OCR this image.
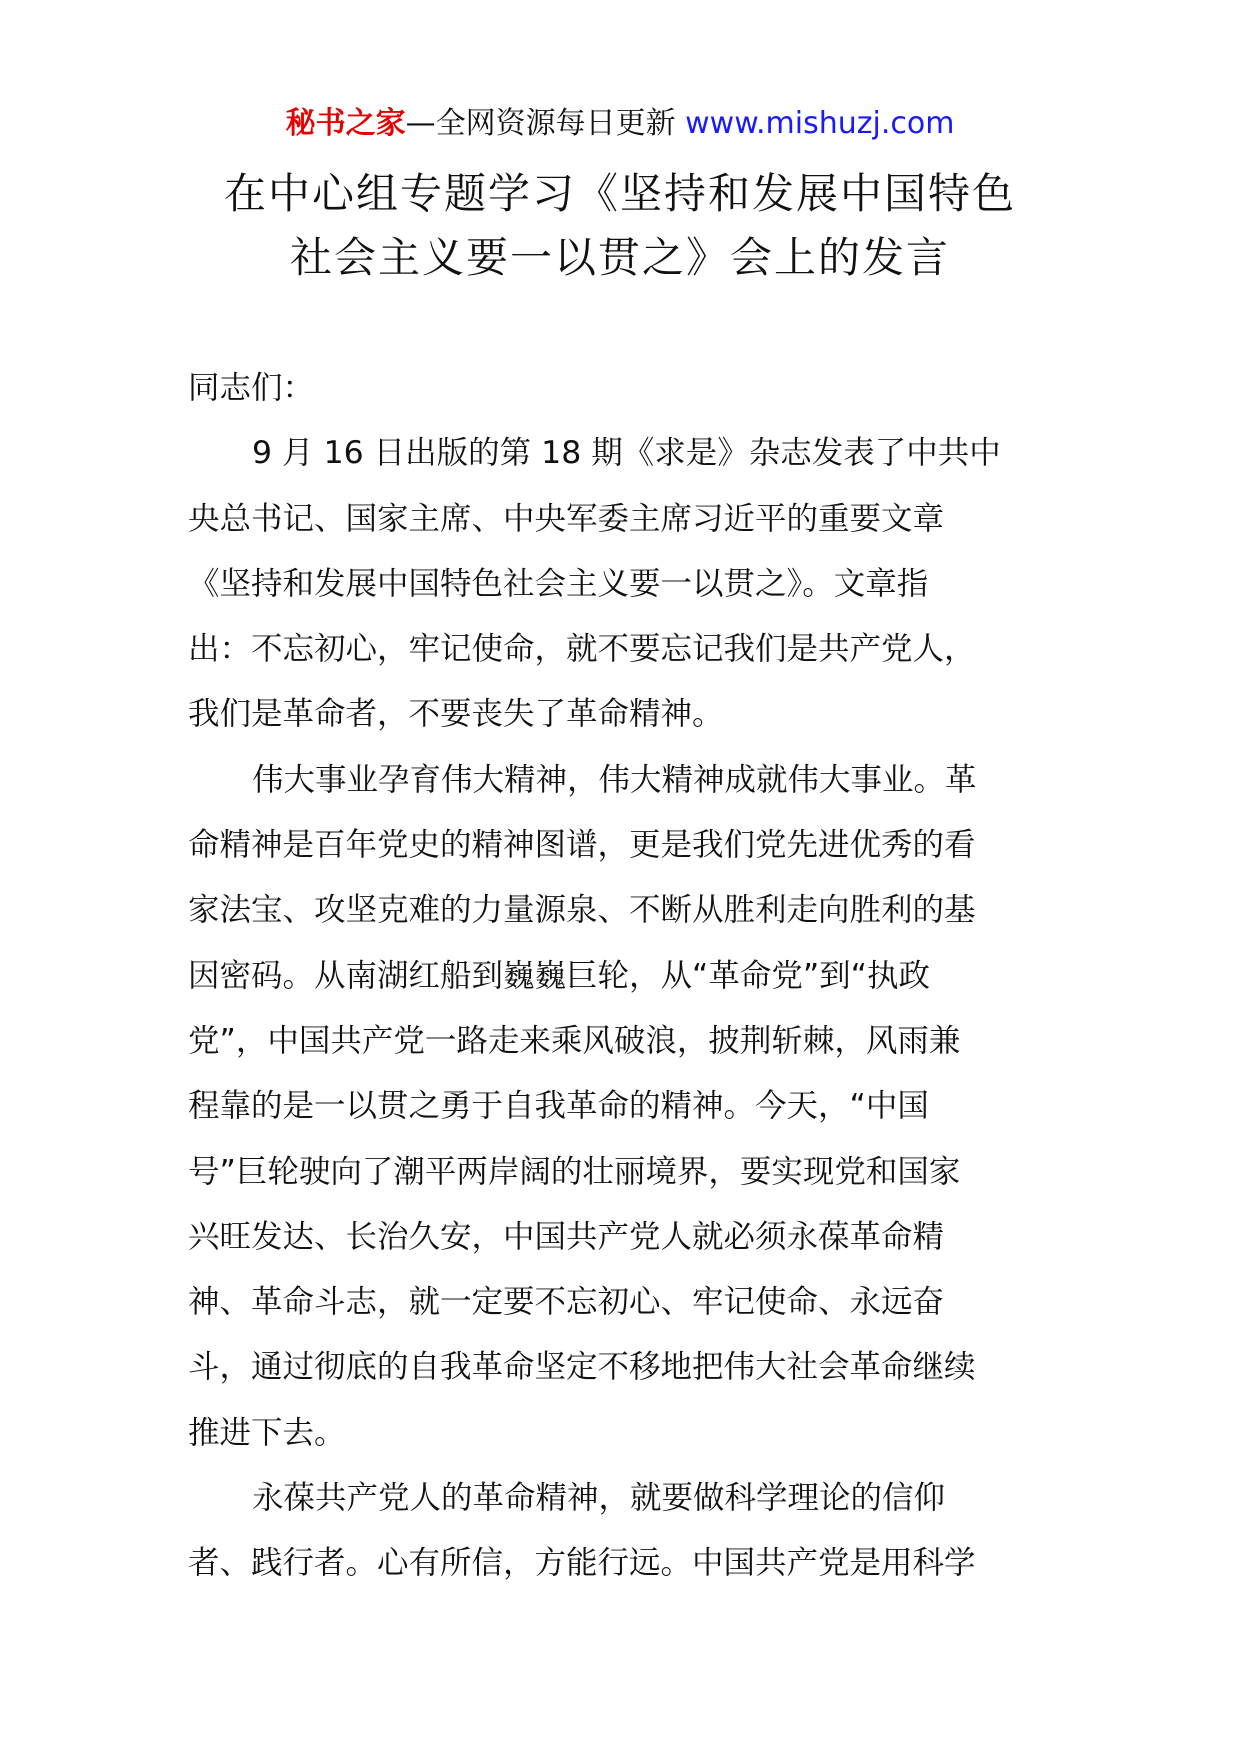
秘书之家—全网资源每日更新 www.mishuzj.com
在中心组专题学习《坚持和发展中国特色
社会主义要一以贯之》会上的发言
同志们：
9 月 16 日出版的第 18 期《求是》杂志发表了中共中
央总书记、国家主席、中央军委主席习近平的重要文章
《坚持和发展中国特色社会主义要一以贯之》。文章指
出：不忘初心，牢记使命，就不要忘记我们是共产党人，
我们是革命者，不要丧失了革命精神。
伟大事业孕育伟大精神，伟大精神成就伟大事业。革
命精神是百年党史的精神图谱，更是我们党先进优秀的看
家法宝、攻坚克难的力量源泉、不断从胜利走向胜利的基
因密码。从南湖红船到巍巍巨轮，从“革命党”到“执政
党”，中国共产党一路走来乘风破浪，披荆斩棘，风雨兼
程靠的是一以贯之勇于自我革命的精神。今天，“中国
号”巨轮驶向了潮平两岸阔的壮丽境界，要实现党和国家
兴旺发达、长治久安，中国共产党人就必须永葆革命精
神、革命斗志，就一定要不忘初心、牢记使命、永远奋
斗，通过彻底的自我革命坚定不移地把伟大社会革命继续
推进下去。
永葆共产党人的革命精神，就要做科学理论的信仰
者、践行者。心有所信，方能行远。中国共产党是用科学
